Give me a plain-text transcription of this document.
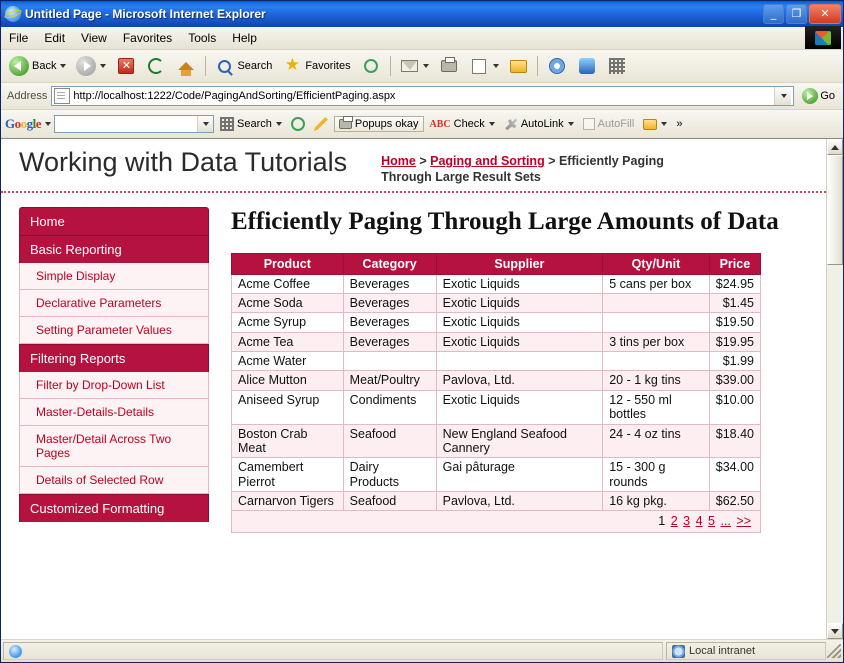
Untitled Page - Microsoft Internet Explorer	_	❐	✕
File	Edit	View	Favorites	Tools	Help
Back	✕	Search ★ Favorites
Address http://localhost:1222/Code/PagingAndSorting/EfficientPaging.aspx	Go
Google	Search	Popups okay ABC Check	AutoLink	AutoFill	»
Working with Data Tutorials	Home > Paging and Sorting > Efficiently Paging Through Large Result Sets
Home
Basic Reporting
Simple Display
Declarative Parameters
Setting Parameter Values
Filtering Reports
Filter by Drop-Down List
Master-Details-Details
Master/Detail Across Two Pages
Details of Selected Row
Customized Formatting
Efficiently Paging Through Large Amounts of Data
Product	Category	Supplier	Qty/Unit	Price
Acme Coffee	Beverages	Exotic Liquids	5 cans per box	$24.95
Acme Soda	Beverages	Exotic Liquids		$1.45
Acme Syrup	Beverages	Exotic Liquids		$19.50
Acme Tea	Beverages	Exotic Liquids	3 tins per box	$19.95
Acme Water				$1.99
Alice Mutton	Meat/Poultry	Pavlova, Ltd.	20 - 1 kg tins	$39.00
Aniseed Syrup	Condiments	Exotic Liquids	12 - 550 ml bottles	$10.00
Boston Crab Meat	Seafood	New England Seafood Cannery	24 - 4 oz tins	$18.40
Camembert Pierrot	Dairy Products	Gai pâturage	15 - 300 g rounds	$34.00
Carnarvon Tigers	Seafood	Pavlova, Ltd.	16 kg pkg.	$62.50
1 2 3 4 5 ... >>				
Local intranet
